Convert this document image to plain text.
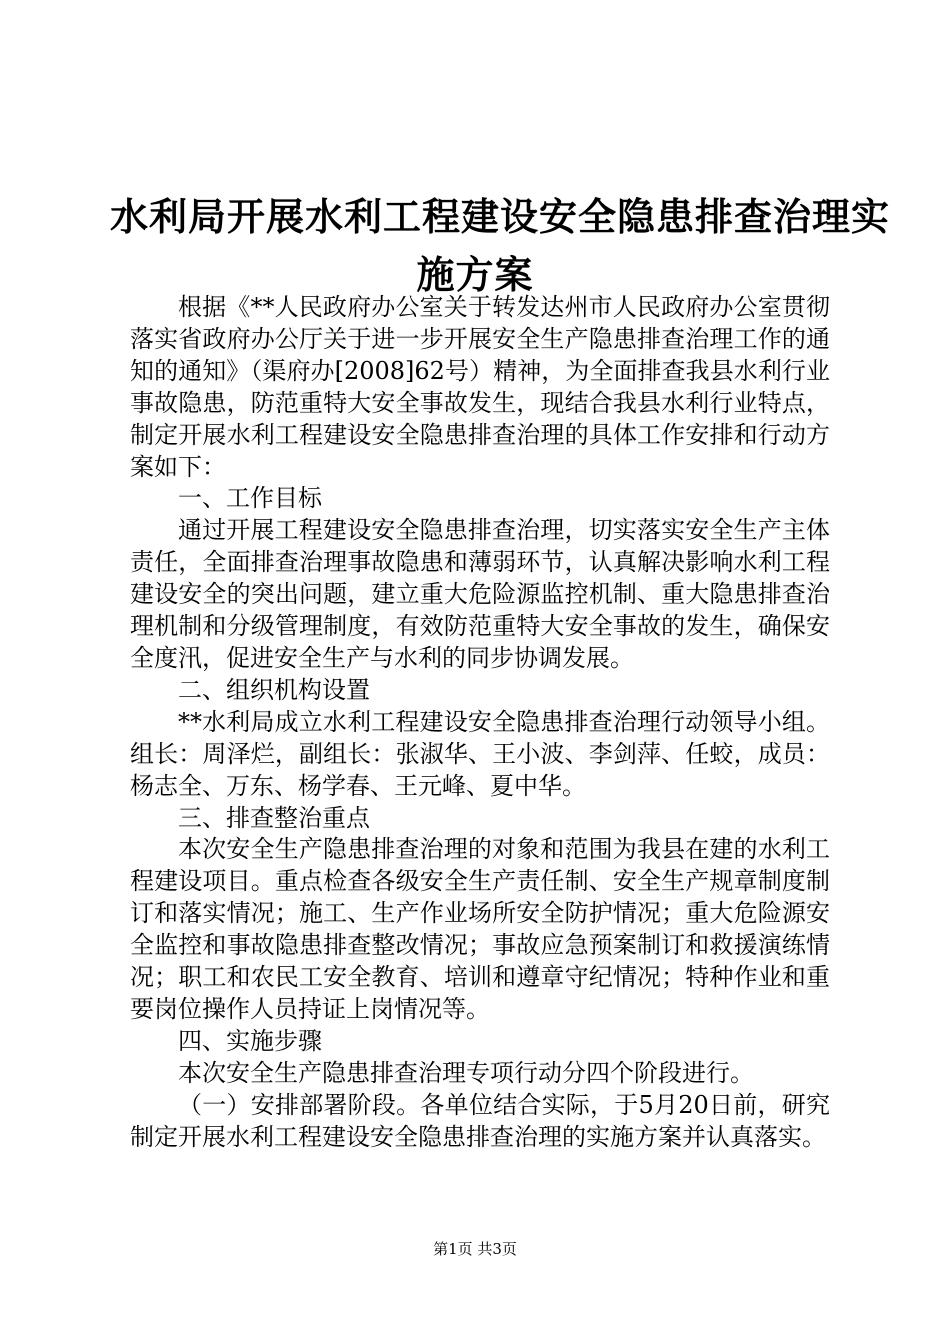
水利局开展水利工程建设安全隐患排查治理实
施方案

根据《**人民政府办公室关于转发达州市人民政府办公室贯彻落实省政府办公厅关于进一步开展安全生产隐患排查治理工作的通知的通知》（渠府办[2008]62号）精神，为全面排查我县水利行业事故隐患，防范重特大安全事故发生，现结合我县水利行业特点，制定开展水利工程建设安全隐患排查治理的具体工作安排和行动方案如下：

一、工作目标

通过开展工程建设安全隐患排查治理，切实落实安全生产主体责任，全面排查治理事故隐患和薄弱环节，认真解决影响水利工程建设安全的突出问题，建立重大危险源监控机制、重大隐患排查治理机制和分级管理制度，有效防范重特大安全事故的发生，确保安全度汛，促进安全生产与水利的同步协调发展。

二、组织机构设置

**水利局成立水利工程建设安全隐患排查治理行动领导小组。组长：周泽烂，副组长：张淑华、王小波、李剑萍、任蛟，成员：杨志全、万东、杨学春、王元峰、夏中华。

三、排查整治重点

本次安全生产隐患排查治理的对象和范围为我县在建的水利工程建设项目。重点检查各级安全生产责任制、安全生产规章制度制订和落实情况；施工、生产作业场所安全防护情况；重大危险源安全监控和事故隐患排查整改情况；事故应急预案制订和救援演练情况；职工和农民工安全教育、培训和遵章守纪情况；特种作业和重要岗位操作人员持证上岗情况等。

四、实施步骤

本次安全生产隐患排查治理专项行动分四个阶段进行。

（一）安排部署阶段。各单位结合实际，于5月20日前，研究制定开展水利工程建设安全隐患排查治理的实施方案并认真落实。

第1页 共3页
